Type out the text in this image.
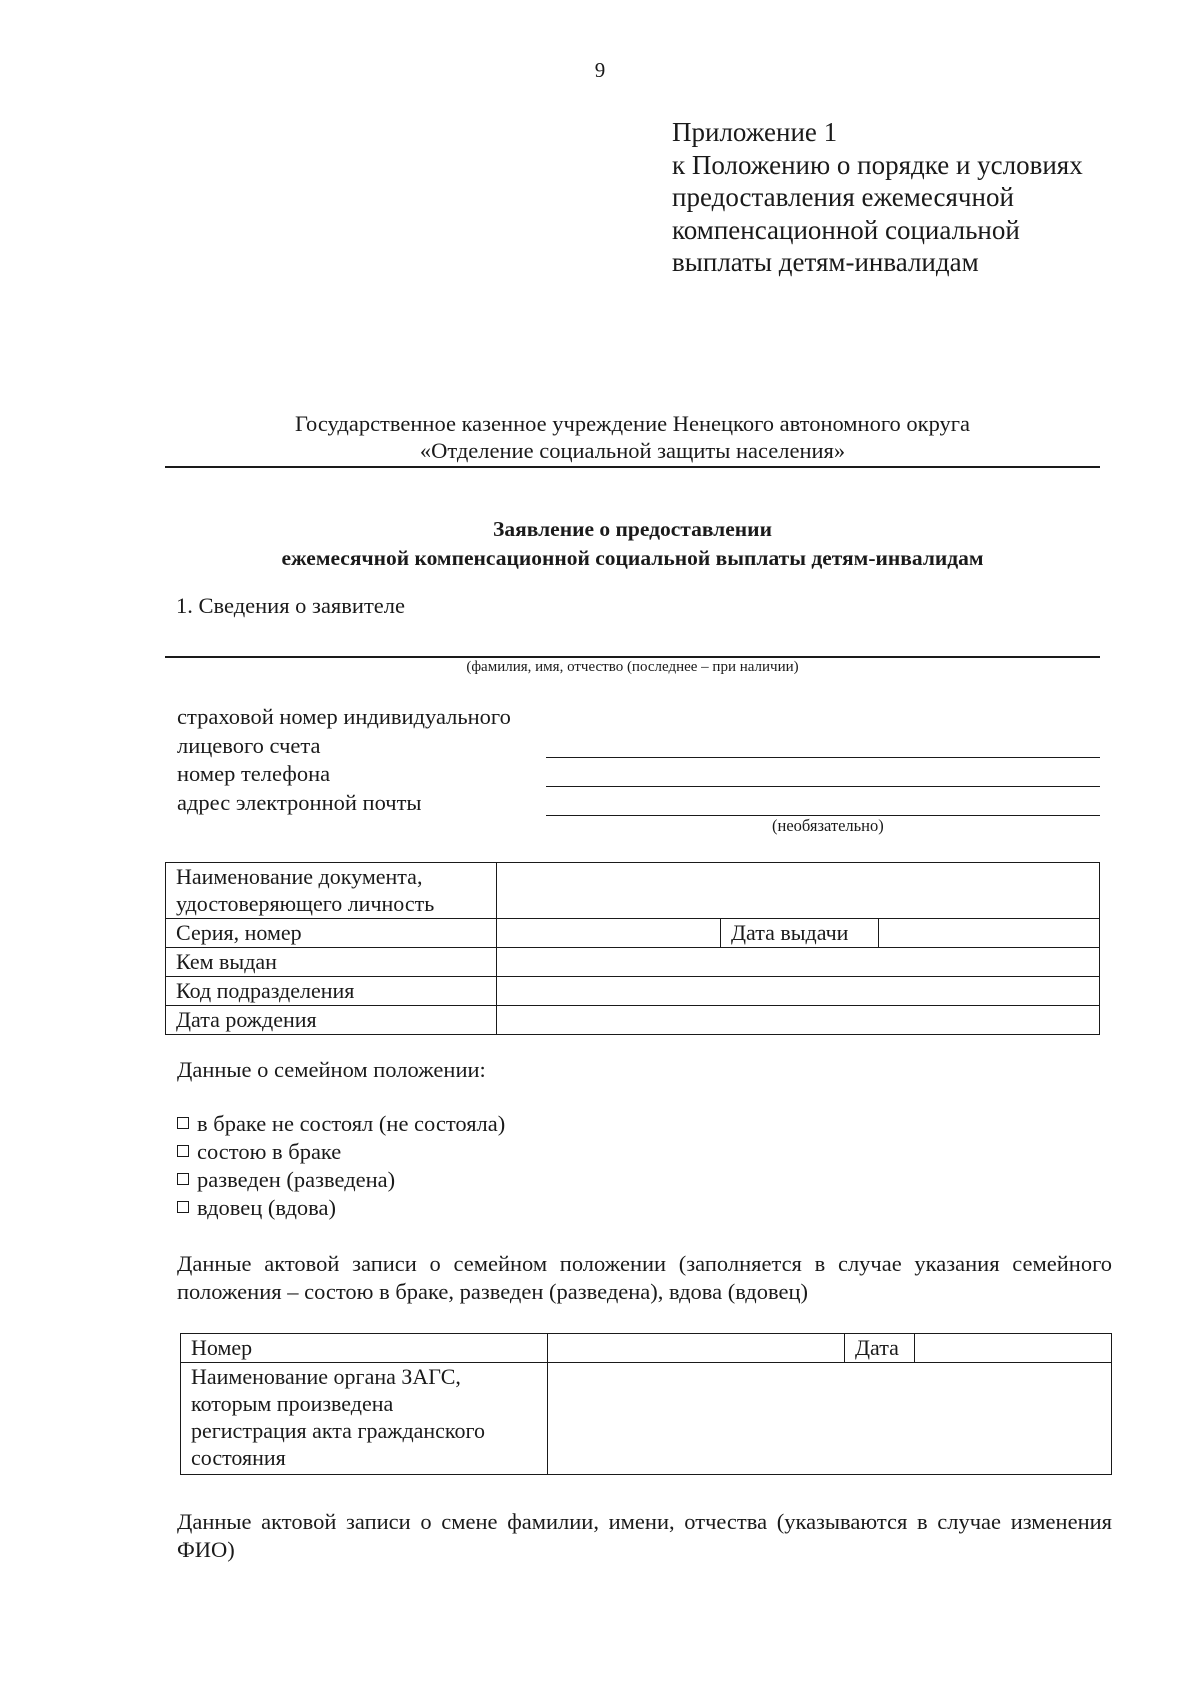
9
Приложение 1
к Положению о порядке и условиях
предоставления ежемесячной
компенсационной социальной
выплаты детям-инвалидам
Государственное казенное учреждение Ненецкого автономного округа
«Отделение социальной защиты населения»
Заявление о предоставлении
ежемесячной компенсационной социальной выплаты детям-инвалидам
1. Сведения о заявителе
(фамилия, имя, отчество (последнее – при наличии)
страховой номер индивидуального
лицевого счета
номер телефона
адрес электронной почты
(необязательно)
Наименование документа,
удостоверяющего личность			

Серия, номер		Дата выдачи	
Кем выдан			
Код подразделения			
Дата рождения			
Данные о семейном положении:
в браке не состоял (не состояла)
состою в браке
разведен (разведена)
вдовец (вдова)
Данные актовой записи о семейном положении (заполняется в случае указания семейного положения – состою в браке, разведен (разведена), вдова (вдовец)
Номер		Дата	

Наименование органа ЗАГС,
которым произведена
регистрация акта гражданского
состояния			

Данные актовой записи о смене фамилии, имени, отчества (указываются в случае изменения ФИО)
